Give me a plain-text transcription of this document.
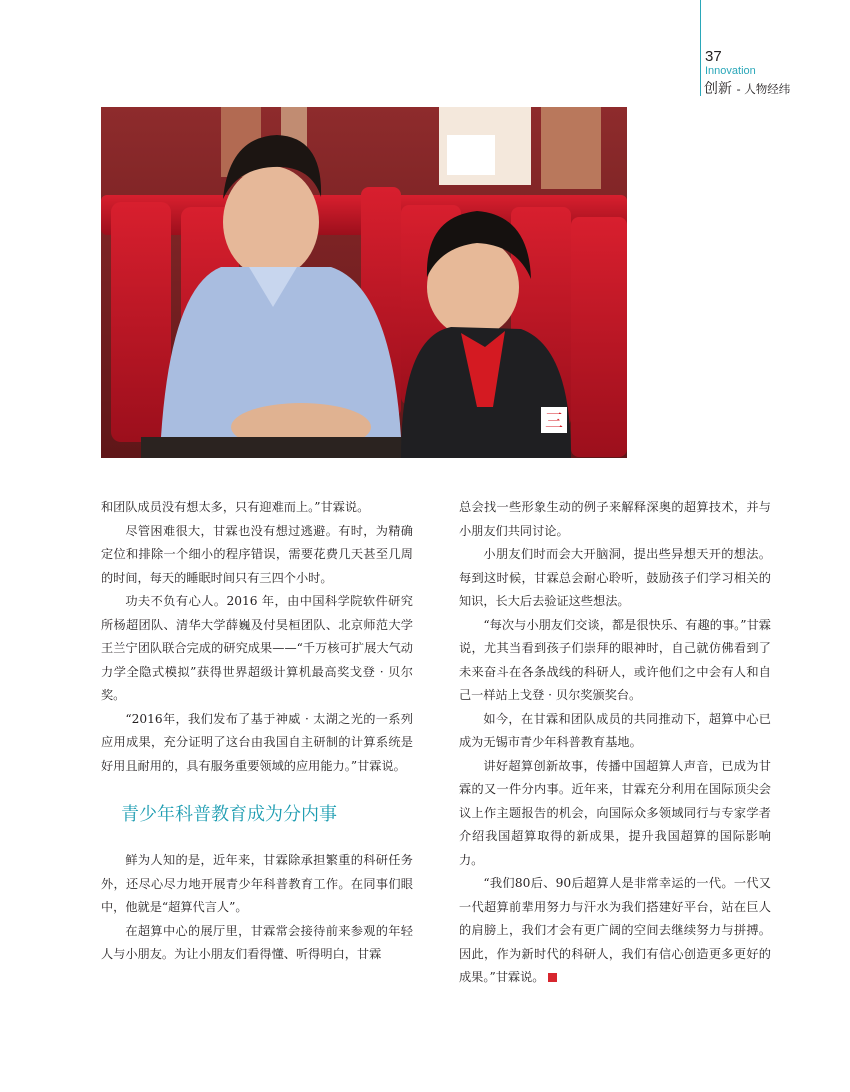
37
Innovation
创新 - 人物经纬
三

和团队成员没有想太多，只有迎难而上。”甘霖说。

尽管困难很大，甘霖也没有想过逃避。有时，为精确定位和排除一个细小的程序错误，需要花费几天甚至几周的时间，每天的睡眠时间只有三四个小时。

功夫不负有心人。2016 年，由中国科学院软件研究所杨超团队、清华大学薛巍及付昊桓团队、北京师范大学王兰宁团队联合完成的研究成果——“千万核可扩展大气动力学全隐式模拟”获得世界超级计算机最高奖戈登 · 贝尔奖。

“2016年，我们发布了基于神威 · 太湖之光的一系列应用成果，充分证明了这台由我国自主研制的计算系统是好用且耐用的，具有服务重要领域的应用能力。”甘霖说。

青少年科普教育成为分内事

鲜为人知的是，近年来，甘霖除承担繁重的科研任务外，还尽心尽力地开展青少年科普教育工作。在同事们眼中，他就是“超算代言人”。

在超算中心的展厅里，甘霖常会接待前来参观的年轻人与小朋友。为让小朋友们看得懂、听得明白，甘霖

总会找一些形象生动的例子来解释深奥的超算技术，并与小朋友们共同讨论。

小朋友们时而会大开脑洞，提出些异想天开的想法。每到这时候，甘霖总会耐心聆听，鼓励孩子们学习相关的知识，长大后去验证这些想法。

“每次与小朋友们交谈，都是很快乐、有趣的事。”甘霖说，尤其当看到孩子们崇拜的眼神时，自己就仿佛看到了未来奋斗在各条战线的科研人，或许他们之中会有人和自己一样站上戈登 · 贝尔奖颁奖台。

如今，在甘霖和团队成员的共同推动下，超算中心已成为无锡市青少年科普教育基地。

讲好超算创新故事，传播中国超算人声音，已成为甘霖的又一件分内事。近年来，甘霖充分利用在国际顶尖会议上作主题报告的机会，向国际众多领域同行与专家学者介绍我国超算取得的新成果，提升我国超算的国际影响力。

“我们80后、90后超算人是非常幸运的一代。一代又一代超算前辈用努力与汗水为我们搭建好平台，站在巨人的肩膀上，我们才会有更广阔的空间去继续努力与拼搏。因此，作为新时代的科研人，我们有信心创造更多更好的成果。”甘霖说。
